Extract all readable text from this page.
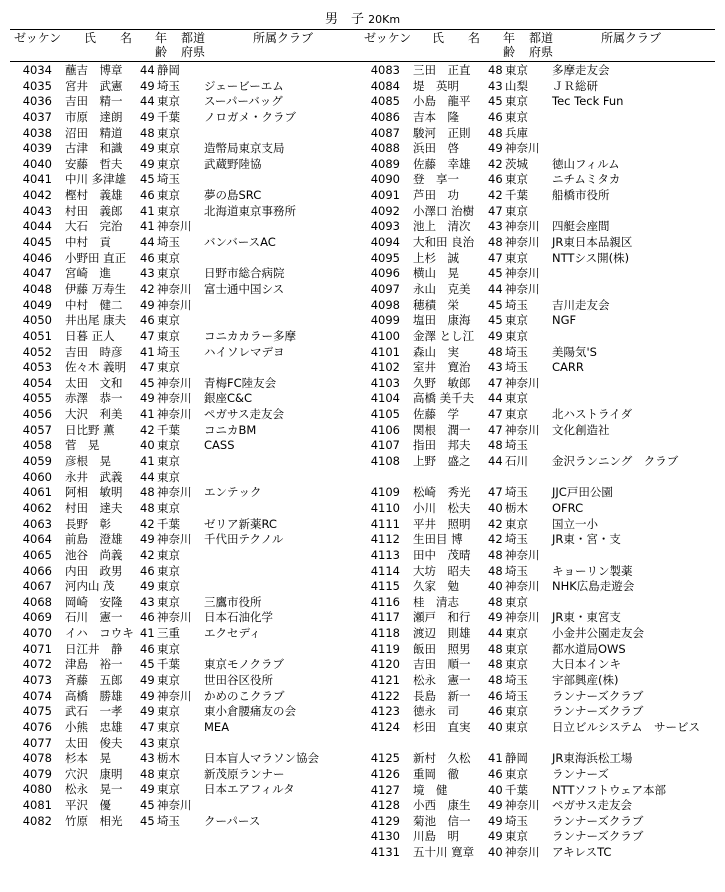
男　子 20Km
ゼッケン 氏　　名 年
齢
都道
府県
所属クラブ	ゼッケン 氏　　名 年
齢
都道
府県
所属クラブ
4034 蘸吉　博章 44 静岡
4035 宮井　武憲 49 埼玉 ジェービーエム
4036 吉田　精一 44 東京 スーパーバッグ
4037 市原　達朗 49 千葉 ノロガメ・クラブ
4038 沼田　精道 48 東京
4039 古津　和識 49 東京 造幣局東京支局
4040 安藤　哲夫 49 東京 武蔵野陸協
4041 中川 多津雄 45 埼玉
4042 樫村　義雄 46 東京 夢の島SRC
4043 村田　義郎 41 東京 北海道東京事務所
4044 大石　完治 41 神奈川
4045 中村　貢	44 埼玉 バンバースAC
4046 小野田 直正 46 東京
4047 宮崎　進	43 東京 日野市総合病院
4048 伊藤 万寿生 42 神奈川 富士通中国シス
4049 中村　健二 49 神奈川
4050 井出尾 康夫 46 東京
4051 日暮 正人 47 東京 コニカカラー多摩
4052 吉田　時彦 41 埼玉 ハイソレマデヨ
4053 佐々木 義明 47 東京
4054 太田　文和 45 神奈川 青梅FC陸友会
4055 赤澤　恭一 49 神奈川 銀座C&C
4056 大沢　利美 41 神奈川 ペガサス走友会
4057 日比野 薫 42 千葉 コニカBM
4058 菅　晃	40 東京 CASS
4059 彦根　晃	41 東京
4060 永井　武義 44 東京
4061 阿相　敏明 48 神奈川 エンテック
4062 村田　達夫 48 東京
4063 長野　彰	42 千葉 ゼリア新薬RC
4064 前島　澄雄 49 神奈川 千代田テクノル
4065 池谷　尚義 42 東京
4066 内田　政男 46 東京
4067 河内山 茂 49 東京
4068 岡崎　安隆 43 東京 三鷹市役所
4069 石川　憲一 46 神奈川 日本石油化学
4070 イハ　コウキ 41 三重 エクセディ
4071 日江井　静 46 東京
4072 津島　裕一 45 千葉 東京モノクラブ
4073 斉藤　五郎 49 東京 世田谷区役所
4074 高橋　勝雄 49 神奈川 かめのこクラブ
4075 武石　一孝 49 東京 東小倉腰痛友の会
4076 小熊　忠雄 47 東京 MEA
4077 太田　俊夫 43 東京
4078 杉本　晃	43 栃木 日本盲人マラソン協会
4079 穴沢　康明 48 東京 新茂原ランナー
4080 松永　晃一 49 東京 日本エアフィルタ
4081 平沢　優	45 神奈川
4082 竹原　相光 45 埼玉 クーパース
4083 三田　正直 48 東京 多摩走友会
4084 堤　英明	43 山梨 ＪＲ総研
4085 小島　龍平 45 東京 Tec Teck Fun
4086 吉本　隆	46 東京
4087 駿河　正則 48 兵庫
4088 浜田　啓	49 神奈川
4089 佐藤　幸雄 42 茨城 徳山フィルム
4090 登　享一	46 東京 ニチムミタカ
4091 芦田　功	42 千葉 船橋市役所
4092 小澤口 治樹 47 東京
4093 池上　清次 43 神奈川 四艇会座間
4094 大和田 良治 48 神奈川 JR東日本品親区
4095 上杉　誠	47 東京 NTTシス開(株)
4096 横山　晃	45 神奈川
4097 永山　克美 44 神奈川
4098 穂積　栄	45 埼玉 吉川走友会
4099 塩田　康海 45 東京 NGF
4100 金澤 とし江 49 東京
4101 森山　実	48 埼玉 美陽気'S
4102 室井　寛治 43 埼玉 CARR
4103 久野　敏郎 47 神奈川
4104 高橋 美千夫 44 東京
4105 佐藤　学	47 東京 北ハストライダ
4106 関根　潤一 47 神奈川 文化創造社
4107 指田　邦夫 48 埼玉
4108 上野　盛之 44 石川 金沢ランニング　クラブ
4109 松崎　秀光 47 埼玉 JJC戸田公園
4110 小川　松夫 40 栃木 OFRC
4111 平井　照明 42 東京 国立一小
4112 生田目 博 42 埼玉 JR東・宮・支
4113 田中　茂晴 48 神奈川
4114 大坊　昭夫 48 埼玉 キョーリン製薬
4115 久家　勉	40 神奈川 NHK広島走遊会
4116 桂　清志	48 東京
4117 瀬戸　和行 49 神奈川 JR東・東宮支
4118 渡辺　則雄 44 東京 小金井公園走友会
4119 飯田　照男 48 東京 都水道局OWS
4120 吉田　順一 48 東京 大日本インキ
4121 松永　憲一 48 埼玉 宇部興産(株)
4122 長島　新一 46 埼玉 ランナーズクラブ
4123 徳永　司	46 東京 ランナーズクラブ
4124 杉田　直実 40 東京 日立ビルシステム　サービス
4125 新村　久松 41 静岡 JR東海浜松工場
4126 重岡　徹	46 東京 ランナーズ
4127 境　健	40 千葉 NTTソフトウェア本部
4128 小西　康生 49 神奈川 ペガサス走友会
4129 菊池　信一 49 埼玉 ランナーズクラブ
4130 川島　明	49 東京 ランナーズクラブ
4131 五十川 寛章 40 神奈川 アキレスTC
